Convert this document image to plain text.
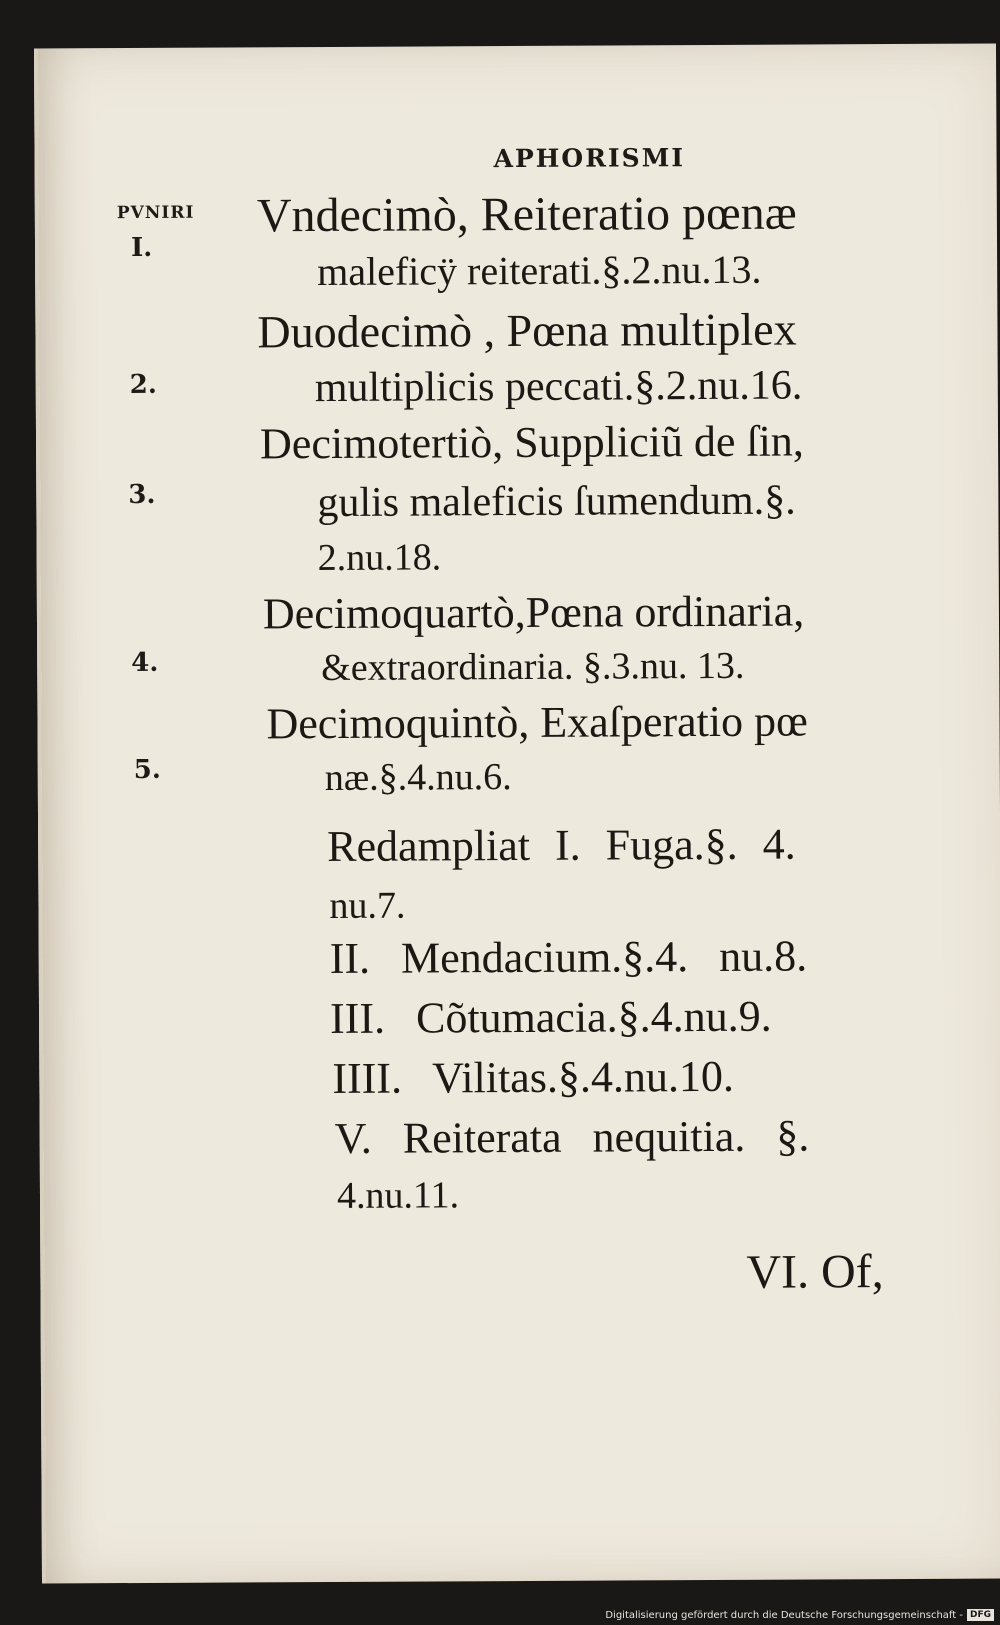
APHORISMI
PVNIRI
I.
2.
3.
4.
5.
Vndecimò, Reiteratio pœnæ
maleficÿ reiterati.§.2.nu.13.
Duodecimò , Pœna multiplex
multiplicis peccati.§.2.nu.16.
Decimotertiò, Suppliciũ de ſin,
gulis maleficis ſumendum.§.
2.nu.18.
Decimoquartò,Pœna ordinaria,
&extraordinaria. §.3.nu. 13.
Decimoquintò, Exaſperatio pœ
næ.§.4.nu.6.
Redampliat I. Fuga.§. 4.
nu.7.
II. Mendacium.§.4. nu.8.
III. Cõtumacia.§.4.nu.9.
IIII. Vilitas.§.4.nu.10.
V. Reiterata nequitia. §.
4.nu.11.
VI. Of,
Digitalisierung gefördert durch die Deutsche Forschungsgemeinschaft - DFG
